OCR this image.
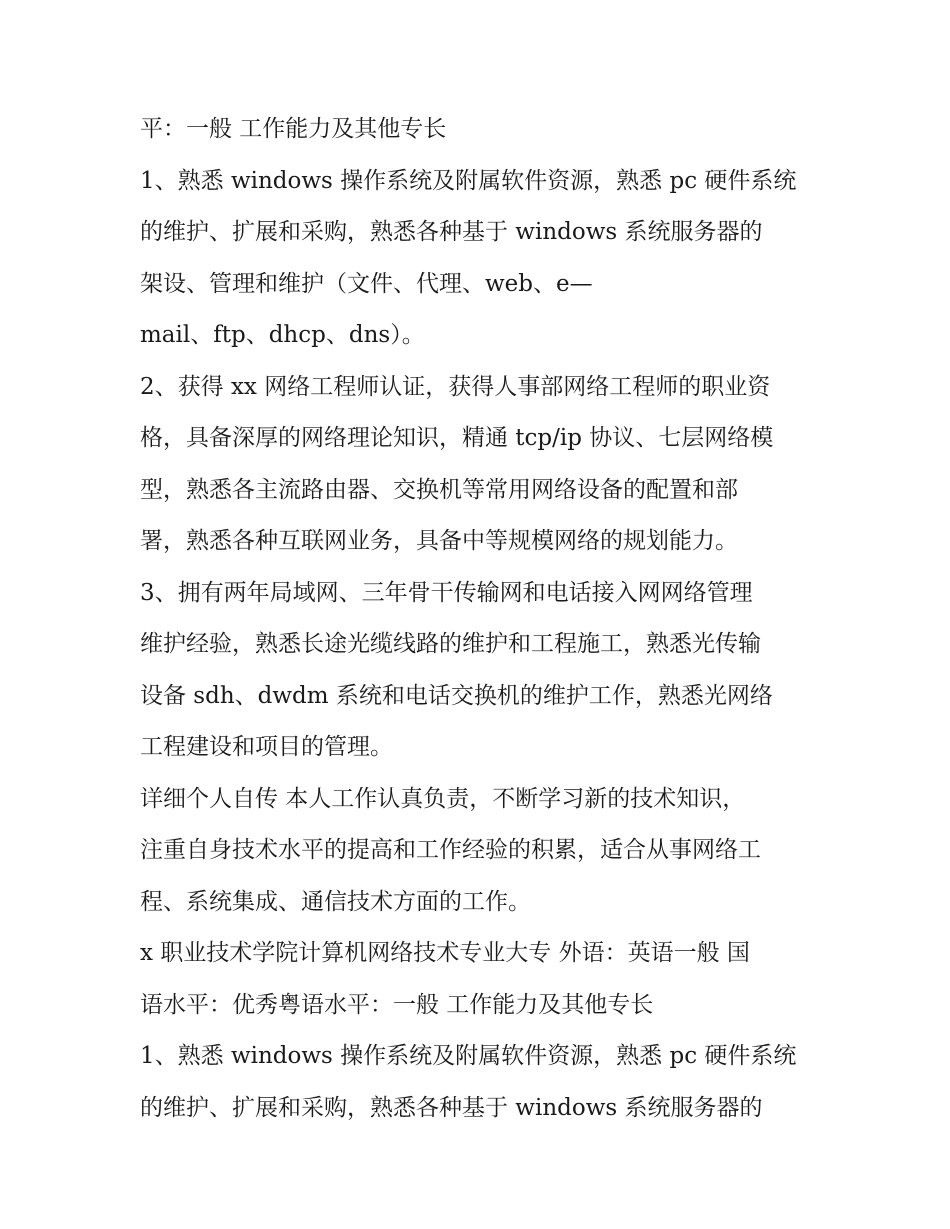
平：一般 工作能力及其他专长
1、熟悉 windows 操作系统及附属软件资源，熟悉 pc 硬件系统
的维护、扩展和采购，熟悉各种基于 windows 系统服务器的
架设、管理和维护（文件、代理、web、e—
mail、ftp、dhcp、dns）。
2、获得 xx 网络工程师认证，获得人事部网络工程师的职业资
格，具备深厚的网络理论知识，精通 tcp/ip 协议、七层网络模
型，熟悉各主流路由器、交换机等常用网络设备的配置和部
署，熟悉各种互联网业务，具备中等规模网络的规划能力。
3、拥有两年局域网、三年骨干传输网和电话接入网网络管理
维护经验，熟悉长途光缆线路的维护和工程施工，熟悉光传输
设备 sdh、dwdm 系统和电话交换机的维护工作，熟悉光网络
工程建设和项目的管理。
详细个人自传 本人工作认真负责，不断学习新的技术知识，
注重自身技术水平的提高和工作经验的积累，适合从事网络工
程、系统集成、通信技术方面的工作。
x 职业技术学院计算机网络技术专业大专 外语：英语一般 国
语水平：优秀粤语水平：一般 工作能力及其他专长
1、熟悉 windows 操作系统及附属软件资源，熟悉 pc 硬件系统
的维护、扩展和采购，熟悉各种基于 windows 系统服务器的
